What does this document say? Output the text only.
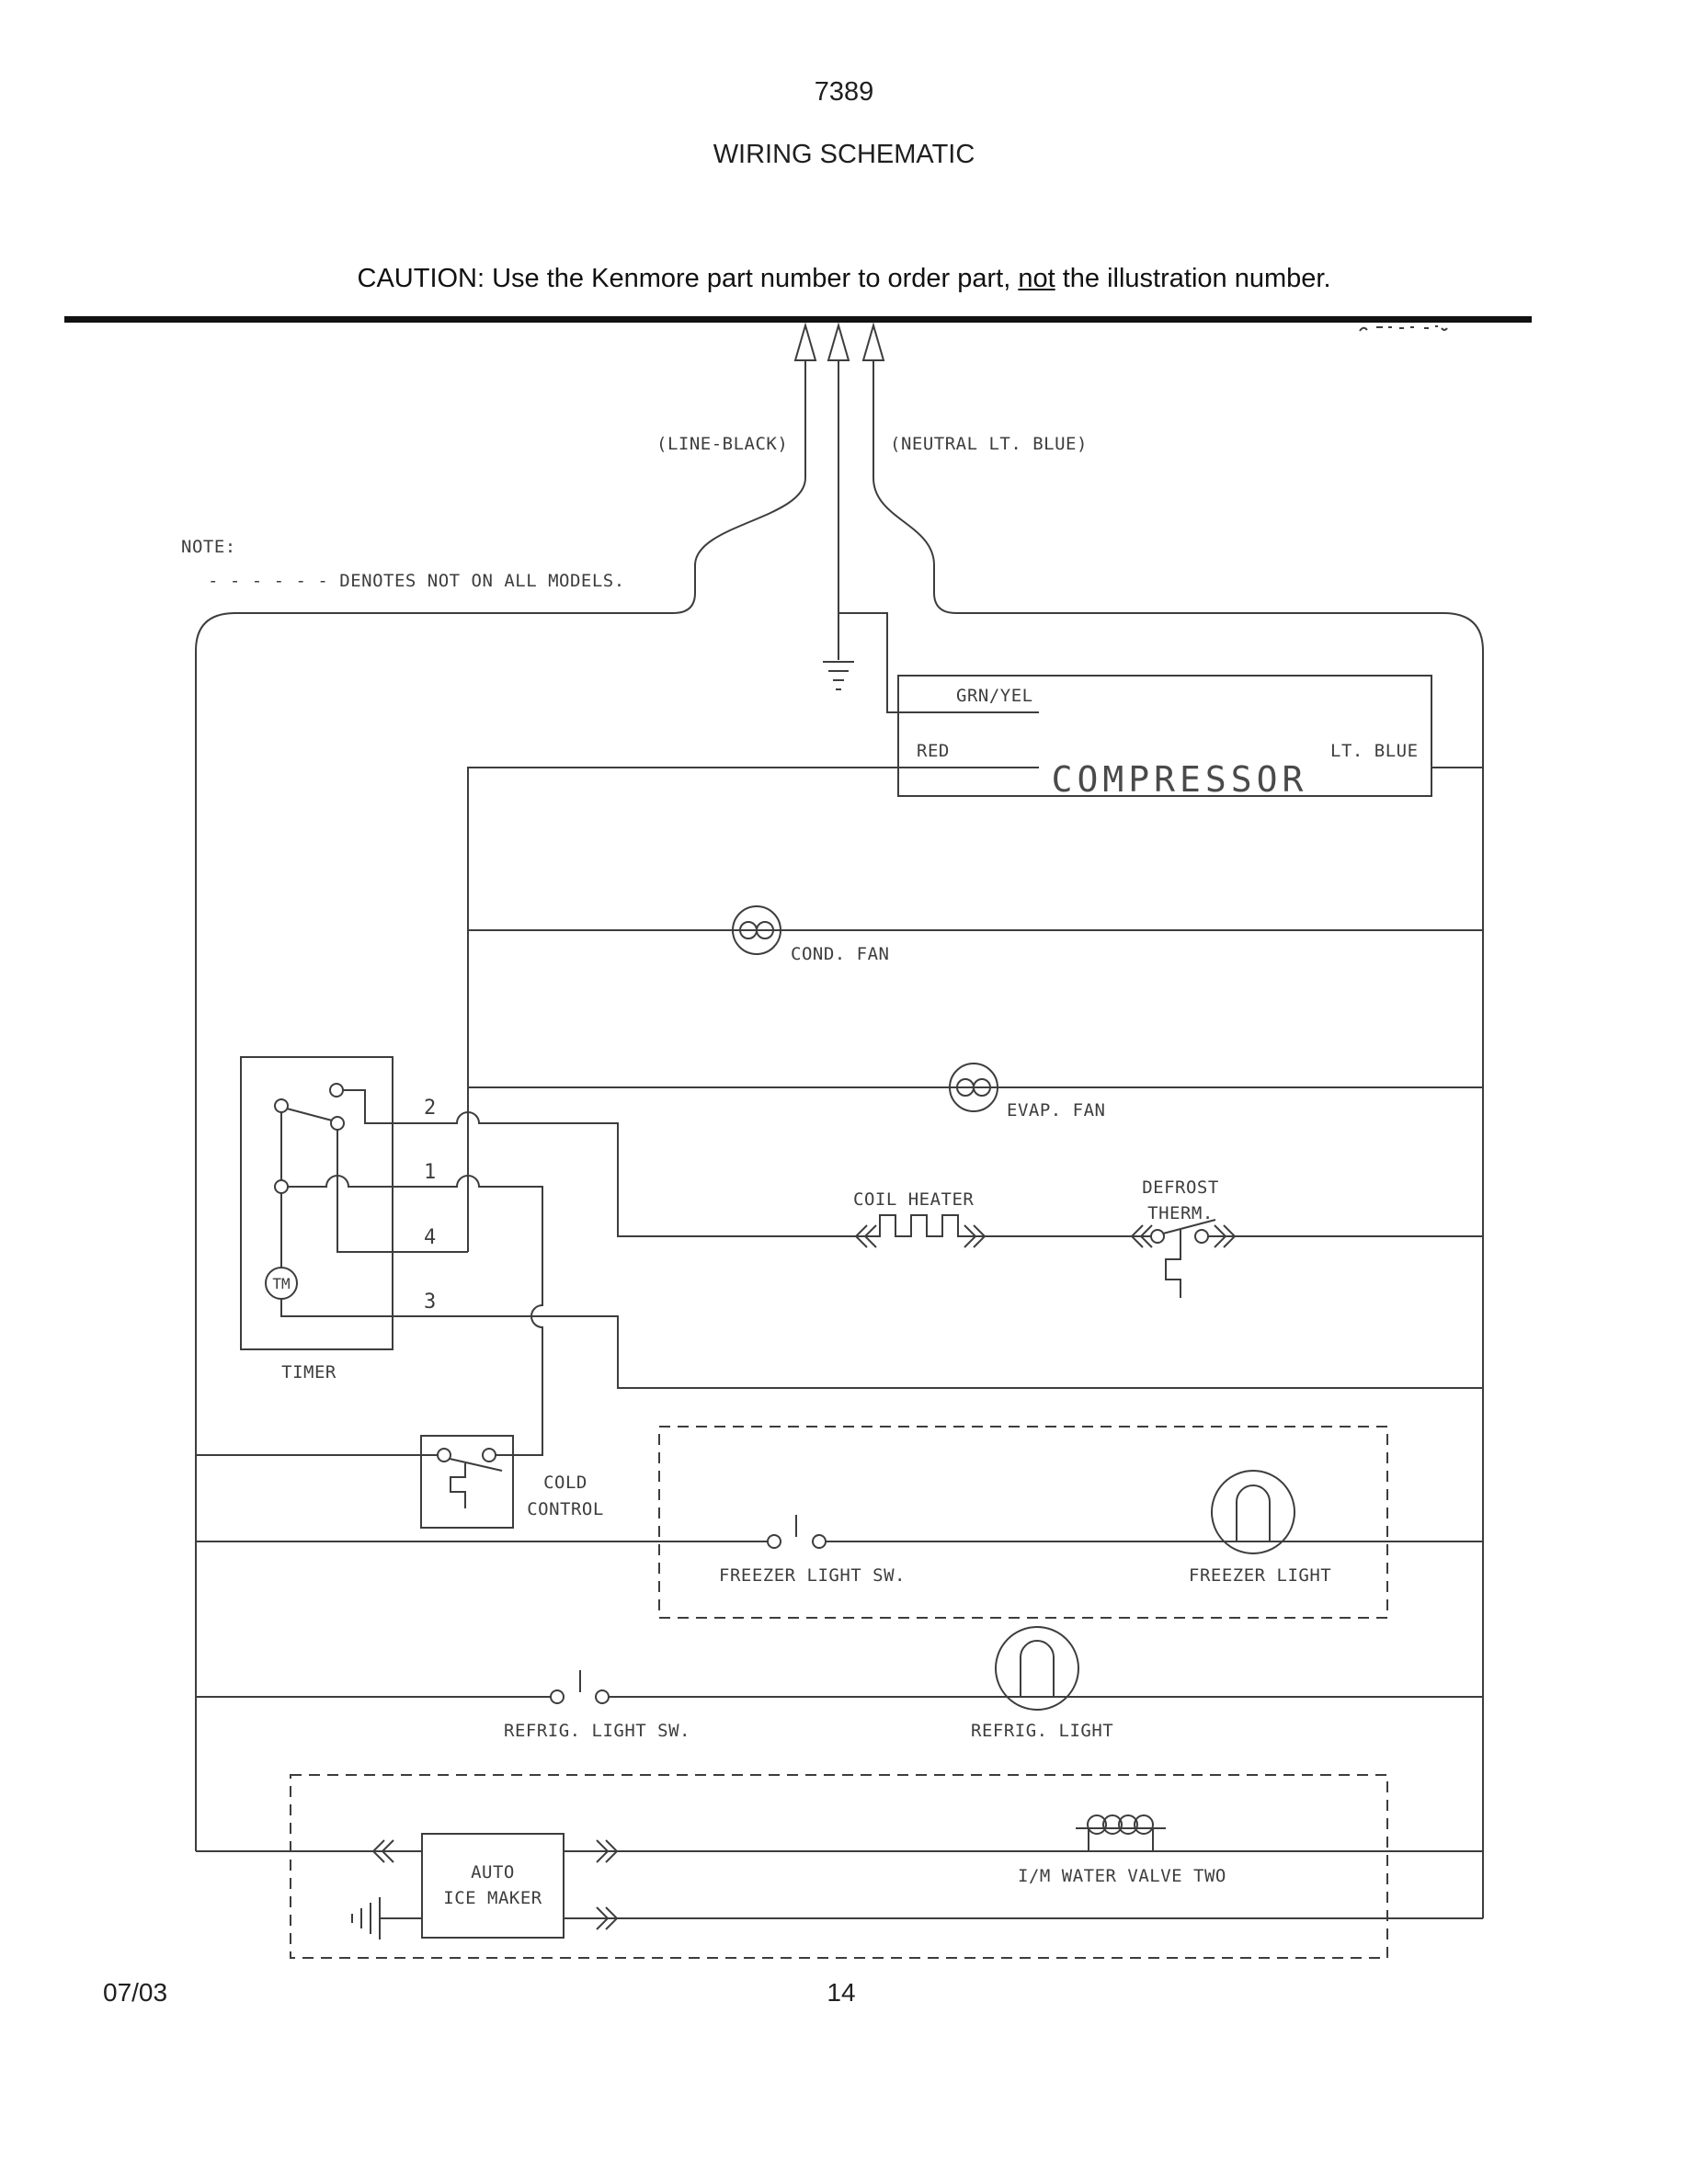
7389
WIRING SCHEMATIC
CAUTION: Use the Kenmore part number to order part, not the illustration number.
NOTE:
- - - - - - DENOTES NOT ON ALL MODELS.
(LINE-BLACK)	(NEUTRAL LT. BLUE)
GRN/YEL
RED	LT. BLUE
COMPRESSOR
COND. FAN
EVAP. FAN
COIL HEATER
DEFROST
THERM.
2
1
4
3
TM
TIMER
COLD
CONTROL
FREEZER LIGHT SW.	FREEZER LIGHT
REFRIG. LIGHT SW.	REFRIG. LIGHT
AUTO
ICE MAKER
I/M WATER VALVE TWO
07/03	14
